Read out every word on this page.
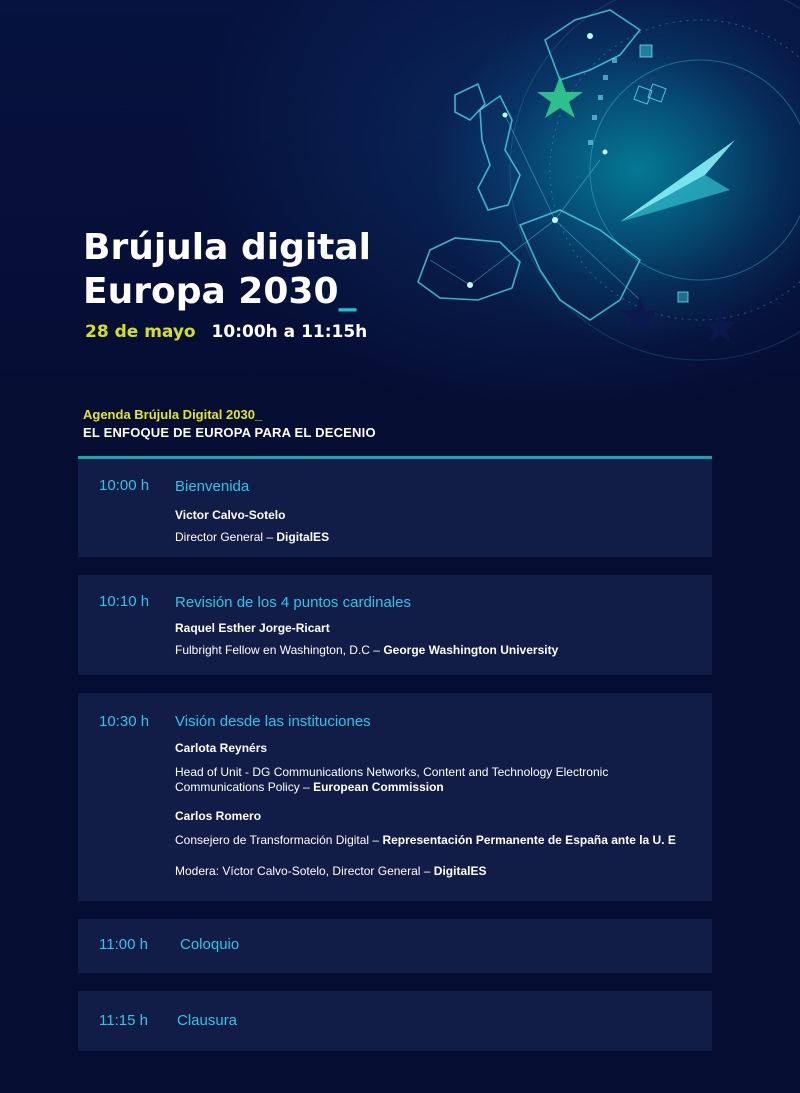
Brújula digital
Europa 2030_
28 de mayo 10:00h a 11:15h

Agenda Brújula Digital 2030_

EL ENFOQUE DE EUROPA PARA EL DECENIO

10:00 h Bienvenida
Victor Calvo-Sotelo
Director General – DigitalES
10:10 h Revisión de los 4 puntos cardinales
Raquel Esther Jorge-Ricart
Fulbright Fellow en Washington, D.C – George Washington University
10:30 h Visión desde las instituciones
Carlota Reynérs
Head of Unit - DG Communications Networks, Content and Technology Electronic Communications Policy – European Commission
Carlos Romero
Consejero de Transformación Digital – Representación Permanente de España ante la U. E
Modera: Víctor Calvo-Sotelo, Director General – DigitalES
11:00 h Coloquio
11:15 h Clausura
